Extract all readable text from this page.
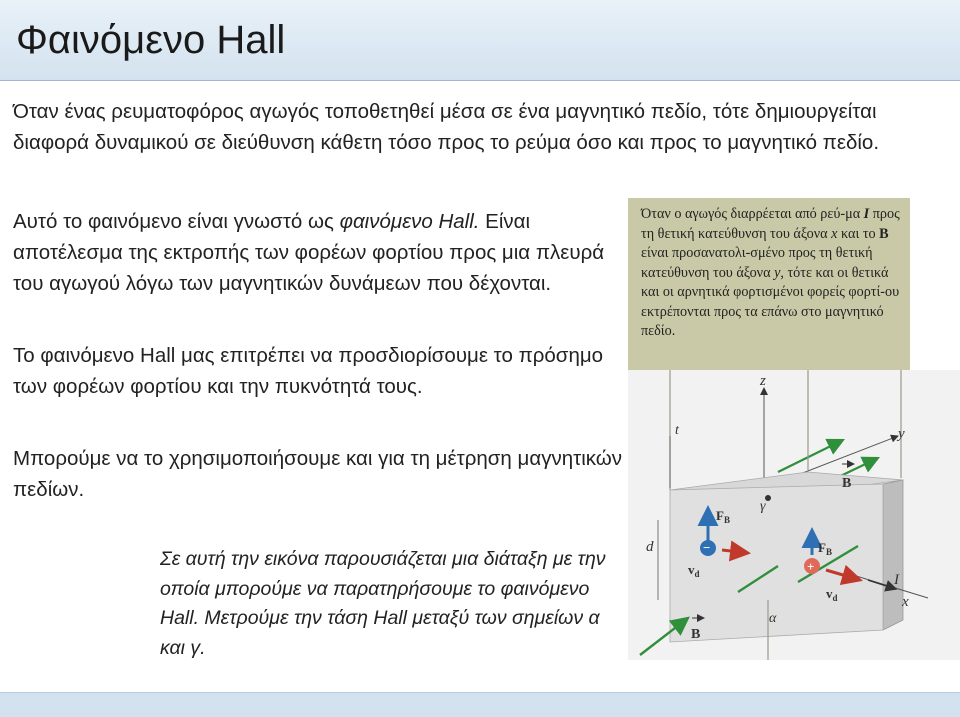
Φαινόμενο Hall
Όταν ένας ρευματοφόρος αγωγός τοποθετηθεί μέσα σε ένα μαγνητικό πεδίο, τότε δημιουργείται διαφορά δυναμικού σε διεύθυνση κάθετη τόσο προς το ρεύμα όσο και προς το μαγνητικό πεδίο.
Αυτό το φαινόμενο είναι γνωστό ως φαινόμενο Hall. Είναι αποτέλεσμα της εκτροπής των φορέων φορτίου προς μια πλευρά του αγωγού λόγω των μαγνητικών δυνάμεων που δέχονται.
Το φαινόμενο Hall μας επιτρέπει να προσδιορίσουμε το πρόσημο των φορέων φορτίου και την πυκνότητά τους.
Μπορούμε να το χρησιμοποιήσουμε και για τη μέτρηση μαγνητικών πεδίων.
Σε αυτή την εικόνα παρουσιάζεται μια διάταξη με την οποία μπορούμε να παρατηρήσουμε το φαινόμενο Hall. Μετρούμε την τάση Hall μεταξύ των σημείων α και γ.
Όταν ο αγωγός διαρρέεται από ρεύ-μα I προς τη θετική κατεύθυνση του άξονα x και το B είναι προσανατολι-σμένο προς τη θετική κατεύθυνση του άξονα y, τότε και οι θετικά και οι αρνητικά φορτισμένοι φορείς φορτί-ου εκτρέπονται προς τα επάνω στο μαγνητικό πεδίο.
z
y
t
d
γ
α
x
I
B
B
$F_B$
−
$v_d$
$F_B$
+
$v_d$
